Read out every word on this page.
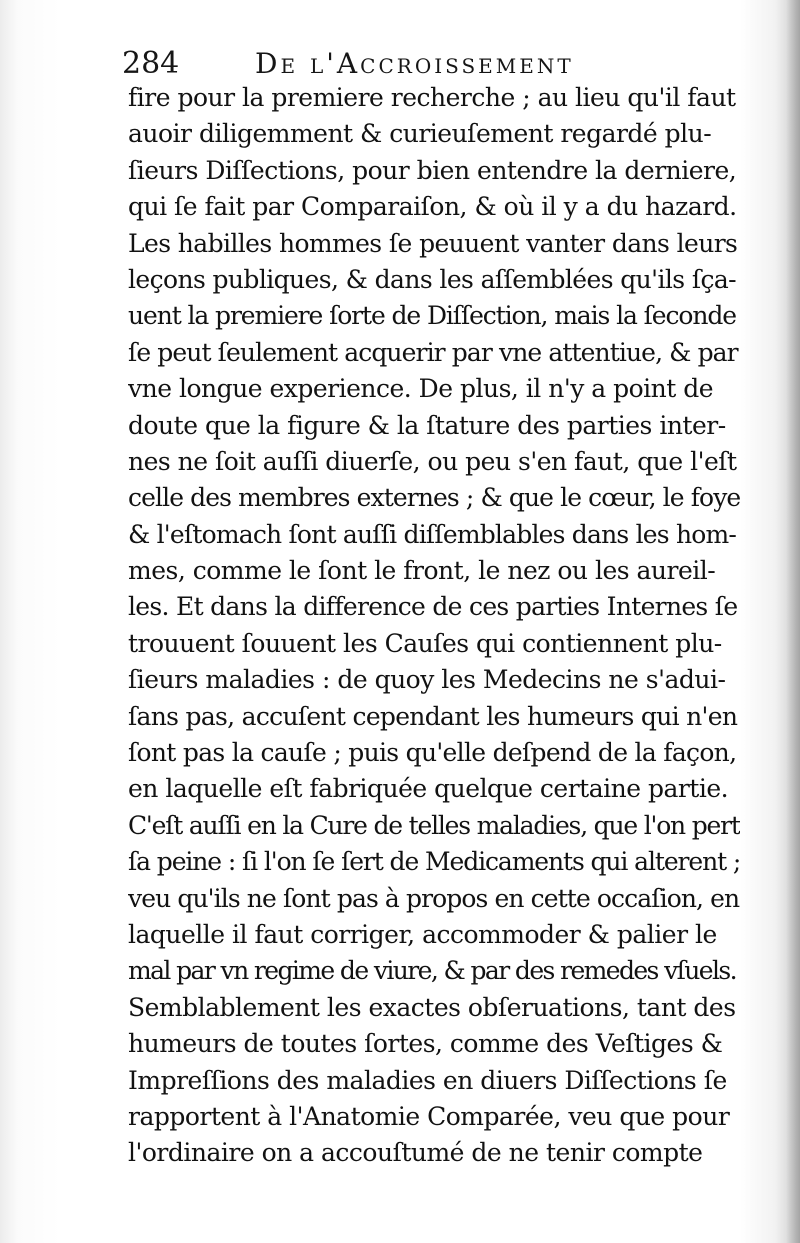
284	De l'Accroissement
fire pour la premiere recherche ; au lieu qu'il faut
auoir diligemment & curieuſement regardé plu-
ſieurs Diſſections, pour bien entendre la derniere,
qui ſe fait par Comparaiſon, & où il y a du hazard.
Les habilles hommes ſe peuuent vanter dans leurs
leçons publiques, & dans les aſſemblées qu'ils ſça-
uent la premiere ſorte de Diſſection, mais la ſeconde
ſe peut ſeulement acquerir par vne attentiue, & par
vne longue experience. De plus, il n'y a point de
doute que la figure & la ſtature des parties inter-
nes ne ſoit auſſi diuerſe, ou peu s'en faut, que l'eſt
celle des membres externes ; & que le cœur, le foye
& l'eſtomach ſont auſſi diſſemblables dans les hom-
mes, comme le ſont le front, le nez ou les aureil-
les. Et dans la difference de ces parties Internes ſe
trouuent ſouuent les Cauſes qui contiennent plu-
ſieurs maladies : de quoy les Medecins ne s'adui-
ſans pas, accuſent cependant les humeurs qui n'en
ſont pas la cauſe ; puis qu'elle deſpend de la façon,
en laquelle eſt fabriquée quelque certaine partie.
C'eſt auſſi en la Cure de telles maladies, que l'on pert
ſa peine : ſi l'on ſe ſert de Medicaments qui alterent ;
veu qu'ils ne ſont pas à propos en cette occaſion, en
laquelle il faut corriger, accommoder & palier le
mal par vn regime de viure, & par des remedes vſuels.
Semblablement les exactes obſeruations, tant des
humeurs de toutes ſortes, comme des Veſtiges &
Impreſſions des maladies en diuers Diſſections ſe
rapportent à l'Anatomie Comparée, veu que pour
l'ordinaire on a accouſtumé de ne tenir compte
